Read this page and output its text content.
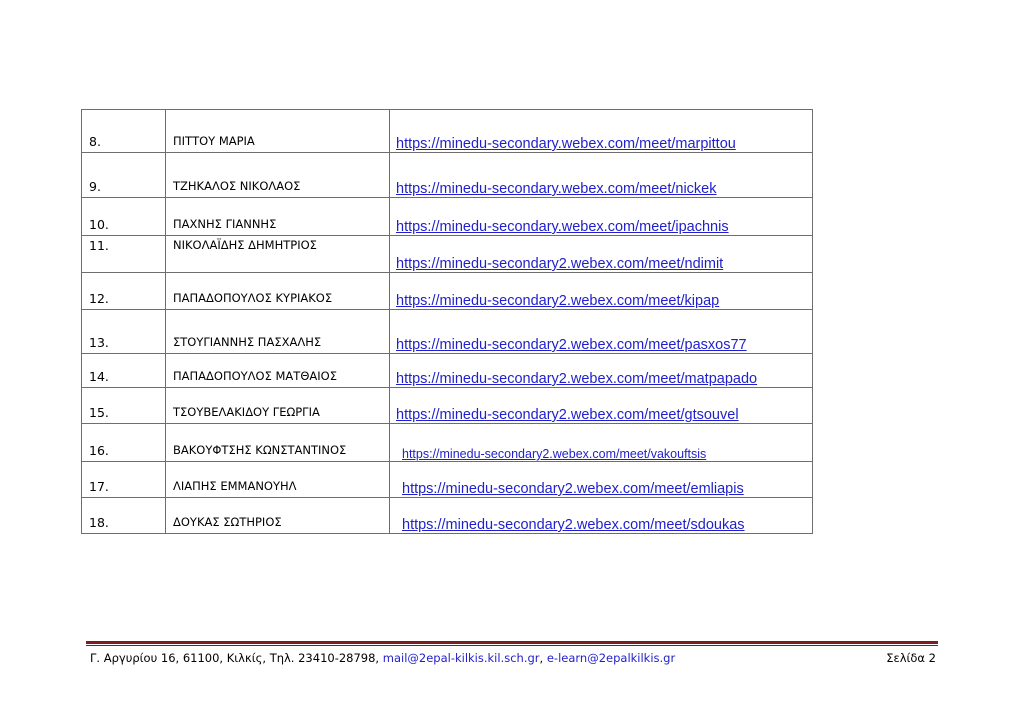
8.	ΠΙΤΤΟΥ ΜΑΡΙΑ	https://minedu-secondary.webex.com/meet/marpittou
9.	ΤΖΗΚΑΛΟΣ ΝΙΚΟΛΑΟΣ	https://minedu-secondary.webex.com/meet/nickek
10.	ΠΑΧΝΗΣ ΓΙΑΝΝΗΣ	https://minedu-secondary.webex.com/meet/ipachnis
11.	ΝΙΚΟΛΑΪΔΗΣ ΔΗΜΗΤΡΙΟΣ	https://minedu-secondary2.webex.com/meet/ndimit
12.	ΠΑΠΑΔΟΠΟΥΛΟΣ ΚΥΡΙΑΚΟΣ	https://minedu-secondary2.webex.com/meet/kipap
13.	ΣΤΟΥΓΙΑΝΝΗΣ ΠΑΣΧΑΛΗΣ	https://minedu-secondary2.webex.com/meet/pasxos77
14.	ΠΑΠΑΔΟΠΟΥΛΟΣ ΜΑΤΘΑΙΟΣ	https://minedu-secondary2.webex.com/meet/matpapado
15.	ΤΣΟΥΒΕΛΑΚΙΔΟΥ ΓΕΩΡΓΙΑ	https://minedu-secondary2.webex.com/meet/gtsouvel
16.	ΒΑΚΟΥΦΤΣΗΣ ΚΩΝΣΤΑΝΤΙΝΟΣ	https://minedu-secondary2.webex.com/meet/vakouftsis
17.	ΛΙΑΠΗΣ ΕΜΜΑΝΟΥΗΛ	https://minedu-secondary2.webex.com/meet/emliapis
18.	ΔΟΥΚΑΣ ΣΩΤΗΡΙΟΣ	https://minedu-secondary2.webex.com/meet/sdoukas
Γ. Αργυρίου 16, 61100, Κιλκίς, Τηλ. 23410-28798, mail@2epal-kilkis.kil.sch.gr, e-learn@2epalkilkis.gr	Σελίδα 2
